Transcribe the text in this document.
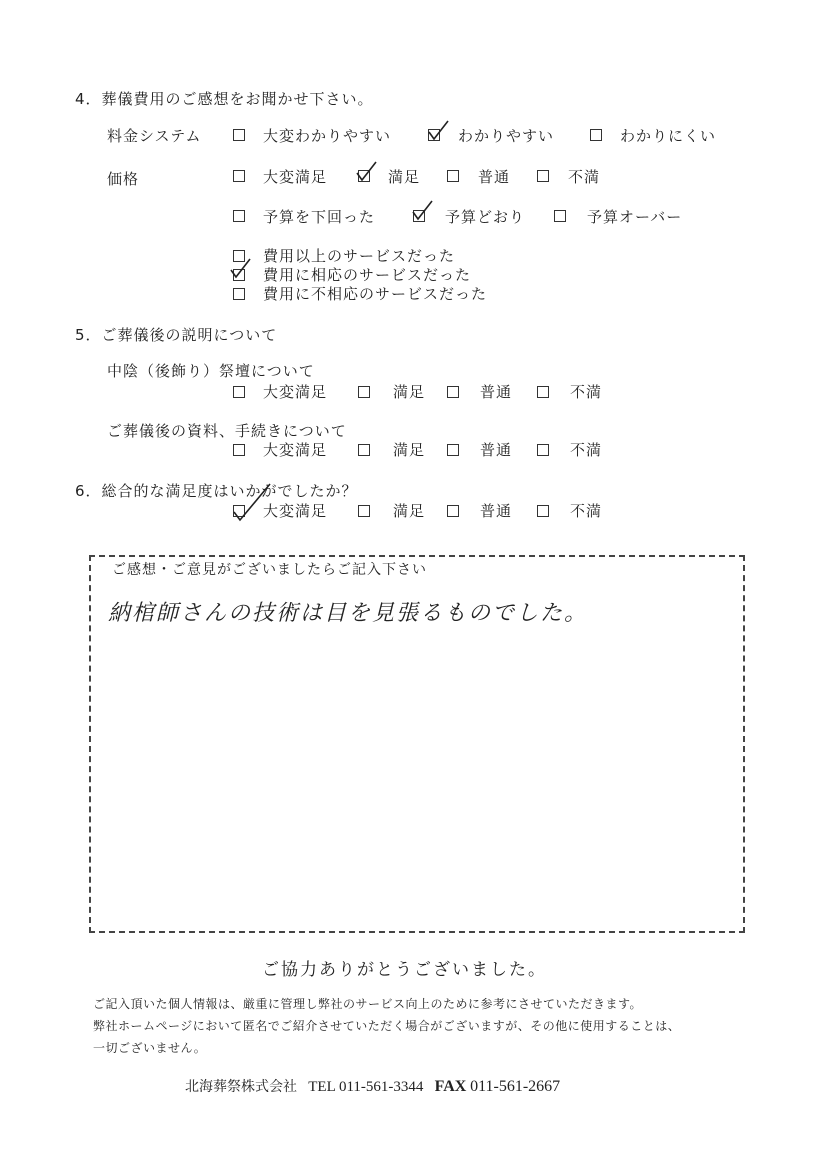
4．葬儀費用のご感想をお聞かせ下さい。
料金システム	大変わかりやすい	わかりやすい	わかりにくい
価格	大変満足	満足	普通	不満
予算を下回った	予算どおり	予算オーバー
費用以上のサービスだった
費用に相応のサービスだった
費用に不相応のサービスだった
5．ご葬儀後の説明について
中陰（後飾り）祭壇について
大変満足	満足	普通	不満
ご葬儀後の資料、手続きについて
大変満足	満足	普通	不満
6．総合的な満足度はいかがでしたか？
大変満足	満足	普通	不満
ご感想・ご意見がございましたらご記入下さい
納棺師さんの技術は目を見張るものでした。
ご協力ありがとうございました。
ご記入頂いた個人情報は、厳重に管理し弊社のサービス向上のために参考にさせていただきます。
弊社ホームページにおいて匿名でご紹介させていただく場合がございますが、その他に使用することは、
一切ございません。
北海葬祭株式会社 TEL 011-561-3344 FAX 011-561-2667
